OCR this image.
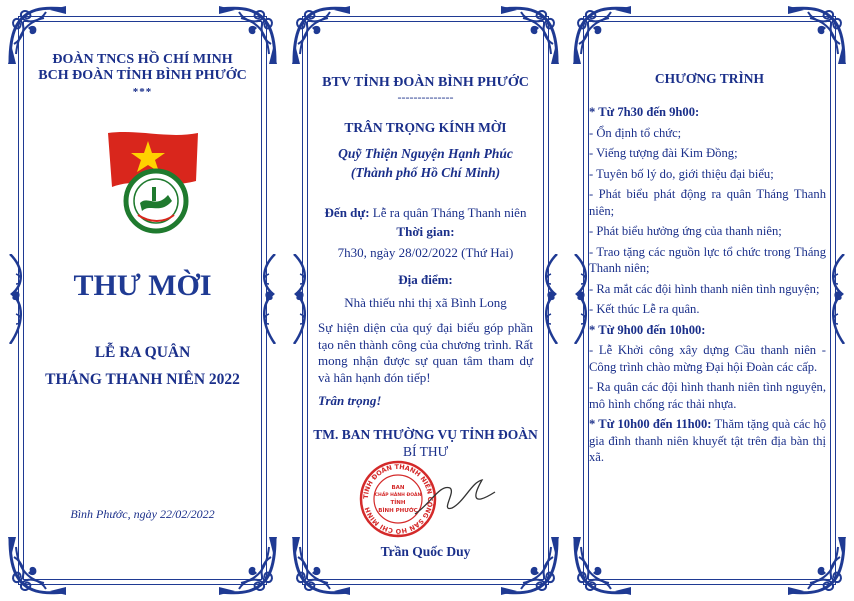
ĐOÀN TNCS HỒ CHÍ MINH
BCH ĐOÀN TỈNH BÌNH PHƯỚC
***
THƯ MỜI
LỄ RA QUÂN
THÁNG THANH NIÊN 2022
Bình Phước, ngày 22/02/2022
BTV TỈNH ĐOÀN BÌNH PHƯỚC
--------------
TRÂN TRỌNG KÍNH MỜI
Quỹ Thiện Nguyện Hạnh Phúc
(Thành phố Hồ Chí Minh)
Đến dự: Lễ ra quân Tháng Thanh niên
Thời gian:
7h30, ngày 28/02/2022 (Thứ Hai)
Địa điểm:
Nhà thiếu nhi thị xã Bình Long
Sự hiện diện của quý đại biểu góp phần tạo nên thành công của chương trình. Rất mong nhận được sự quan tâm tham dự và hân hạnh đón tiếp!
Trân trọng!
TM. BAN THƯỜNG VỤ TỈNH ĐOÀN
BÍ THƯ
TỈNH ĐOÀN THANH NIÊN CỘNG SẢN HỒ CHÍ MINH
BAN
CHẤP HÀNH ĐOÀN
TỈNH
BÌNH PHƯỚC
Trần Quốc Duy
CHƯƠNG TRÌNH
* Từ 7h30 đến 9h00:
- Ổn định tổ chức;
- Viếng tượng đài Kim Đồng;
- Tuyên bố lý do, giới thiệu đại biểu;
- Phát biểu phát động ra quân Tháng Thanh niên;
- Phát biểu hưởng ứng của thanh niên;
- Trao tặng các nguồn lực tổ chức trong Tháng Thanh niên;
- Ra mắt các đội hình thanh niên tình nguyện;
- Kết thúc Lễ ra quân.
* Từ 9h00 đến 10h00:
- Lễ Khởi công xây dựng Cầu thanh niên - Công trình chào mừng Đại hội Đoàn các cấp.
- Ra quân các đội hình thanh niên tình nguyện, mô hình chống rác thải nhựa.
* Từ 10h00 đến 11h00: Thăm tặng quà các hộ gia đình thanh niên khuyết tật trên địa bàn thị xã.
